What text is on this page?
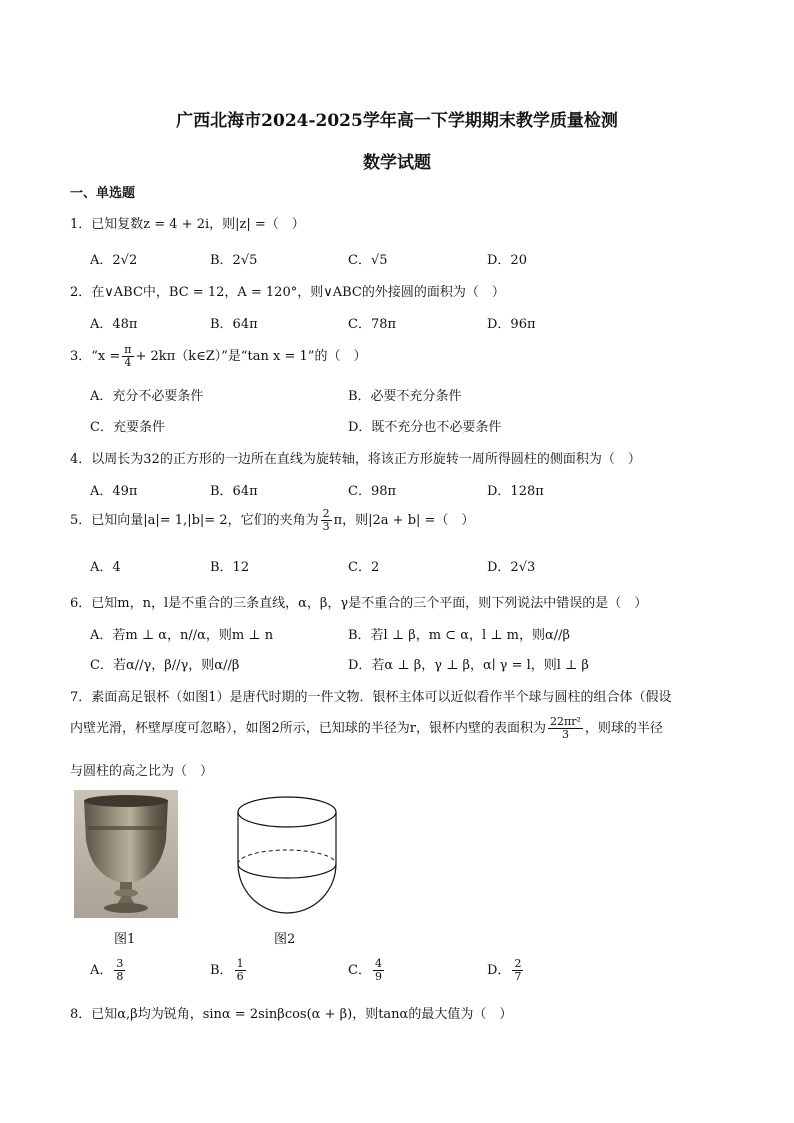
广西北海市2024-2025学年高一下学期期末教学质量检测
数学试题
一、单选题
1．已知复数z = 4 + 2i，则|z| =（　）
A．2√2	B．2√5	C．√5	D．20
2．在∨ABC中，BC = 12，A = 120°，则∨ABC的外接圆的面积为（　）
A．48π	B．64π	C．78π	D．96π
3．“$x = \frac{\pi}{4}$ + 2kπ（k∈Z）”是“tan x = 1”的（　）
A．充分不必要条件	B．必要不充分条件
C．充要条件	D．既不充分也不必要条件
4．以周长为32的正方形的一边所在直线为旋转轴，将该正方形旋转一周所得圆柱的侧面积为（　）
A．49π	B．64π	C．98π	D．128π
5．已知向量|a|= 1,|b|= 2，它们的夹角为 $\frac{2}{3}$ π，则|2a + b| =（　）
A．4	B．12	C．2	D．2√3
6．已知m，n，l是不重合的三条直线，α，β，γ是不重合的三个平面，则下列说法中错误的是（　）
A．若m ⊥ α，n//α，则m ⊥ n	B．若l ⊥ β，m ⊂ α，l ⊥ m，则α//β
C．若α//γ，β//γ，则α//β	D．若α ⊥ β，γ ⊥ β，α∣ γ = l，则l ⊥ β
7．素面高足银杯（如图1）是唐代时期的一件文物．银杯主体可以近似看作半个球与圆柱的组合体（假设
内壁光滑，杯壁厚度可忽略），如图2所示，已知球的半径为r，银杯内壁的表面积为 $\frac{\text{22πr²}}{3}$ ，则球的半径
与圆柱的高之比为（　）
图1	图2
A． $\frac{3}{8}$	B． $\frac{1}{6}$	C． $\frac{4}{9}$	D． $\frac{2}{7}$
8．已知α,β均为锐角，sinα = 2sinβcos(α + β)，则tanα的最大值为（　）
